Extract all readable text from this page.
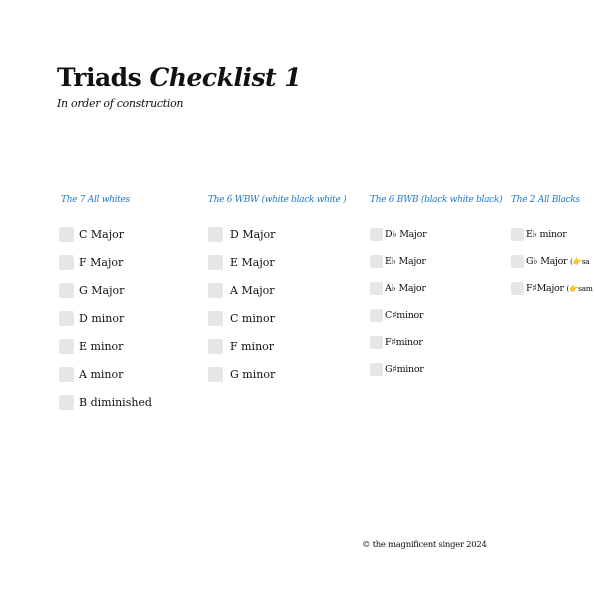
Triads Checklist 1

In order of construction

The 7 All whites
C Major
F Major
G Major
D minor
E minor
A minor
B diminished
The 6 WBW (white black white )
D Major
E Major
A Major
C minor
F minor
G minor
The 6 BWB (black white black)
D♭ Major
E♭ Major
A♭ Major
C♯minor
F♯minor
G♯minor
The 2 All Blacks
E♭ minor
G♭ Major
(👉sa
F♯Major
(👉sam

© the magnificent singer 2024
